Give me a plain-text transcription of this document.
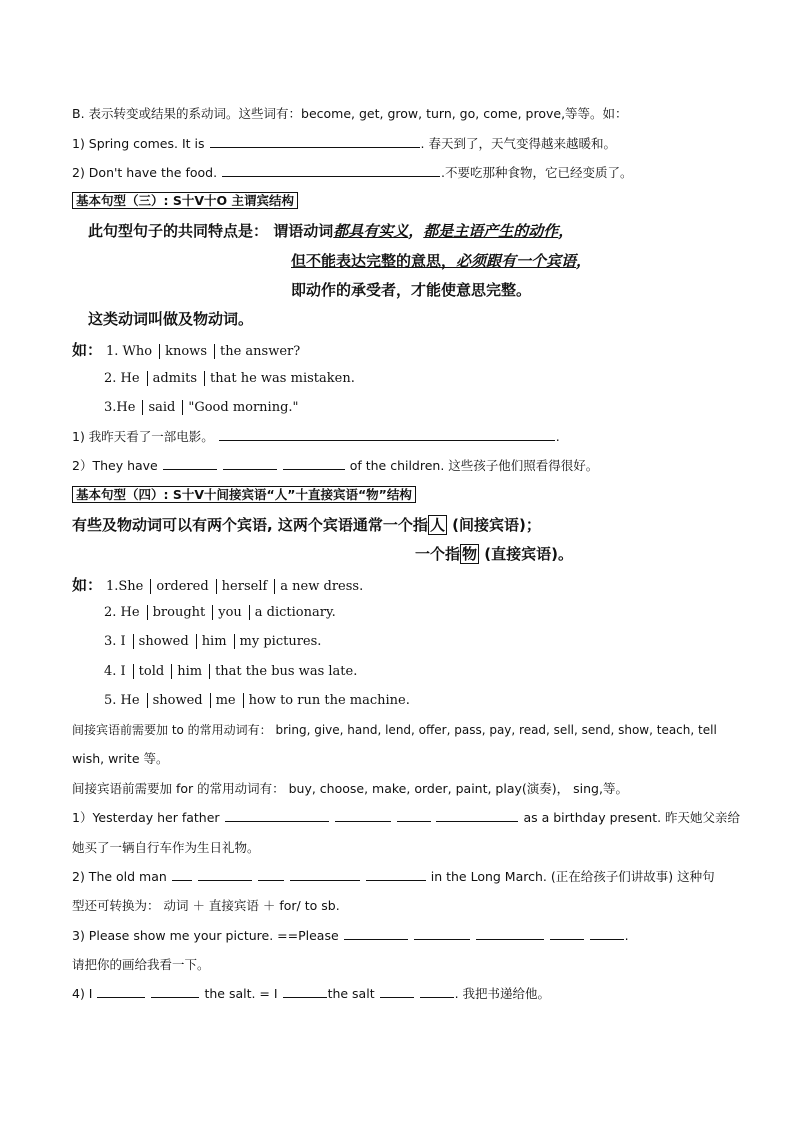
B. 表示转变或结果的系动词。这些词有：become, get, grow, turn, go, come, prove,等等。如：
1) Spring comes. It is	. 春天到了，天气变得越来越暖和。
2) Don't have the food.	.不要吃那种食物，它已经变质了。
基本句型（三）: S十V十O 主谓宾结构
此句型句子的共同特点是： 谓语动词都具有实义，都是主语产生的动作，
但不能表达完整的意思，必须跟有一个宾语，
即动作的承受者，才能使意思完整。
这类动词叫做及物动词。
如： 1. Who knows the answer?
2. He admits that he was mistaken.
3.He said "Good morning."
1) 我昨天看了一部电影。	.
2）They have	of the children. 这些孩子他们照看得很好。
基本句型（四）: S十V十间接宾语“人”十直接宾语“物”结构
有些及物动词可以有两个宾语, 这两个宾语通常一个指 人 (间接宾语)；
一个指 物 (直接宾语)。
如： 1.She ordered herself a new dress.
2. He brought you a dictionary.
3. I showed him my pictures.
4. I told him that the bus was late.
5. He showed me how to run the machine.
间接宾语前需要加 to 的常用动词有： bring, give, hand, lend, offer, pass, pay, read, sell, send, show, teach, tell
wish, write 等。
间接宾语前需要加 for 的常用动词有： buy, choose, make, order, paint, play(演奏)， sing,等。
1）Yesterday her father	as a birthday present. 昨天她父亲给
她买了一辆自行车作为生日礼物。
2) The old man	in the Long March. (正在给孩子们讲故事) 这种句
型还可转换为： 动词 ＋ 直接宾语 ＋ for/ to sb.
3) Please show me your picture. ==Please	.
请把你的画给我看一下。
4) I	the salt. = I	the salt	. 我把书递给他。
